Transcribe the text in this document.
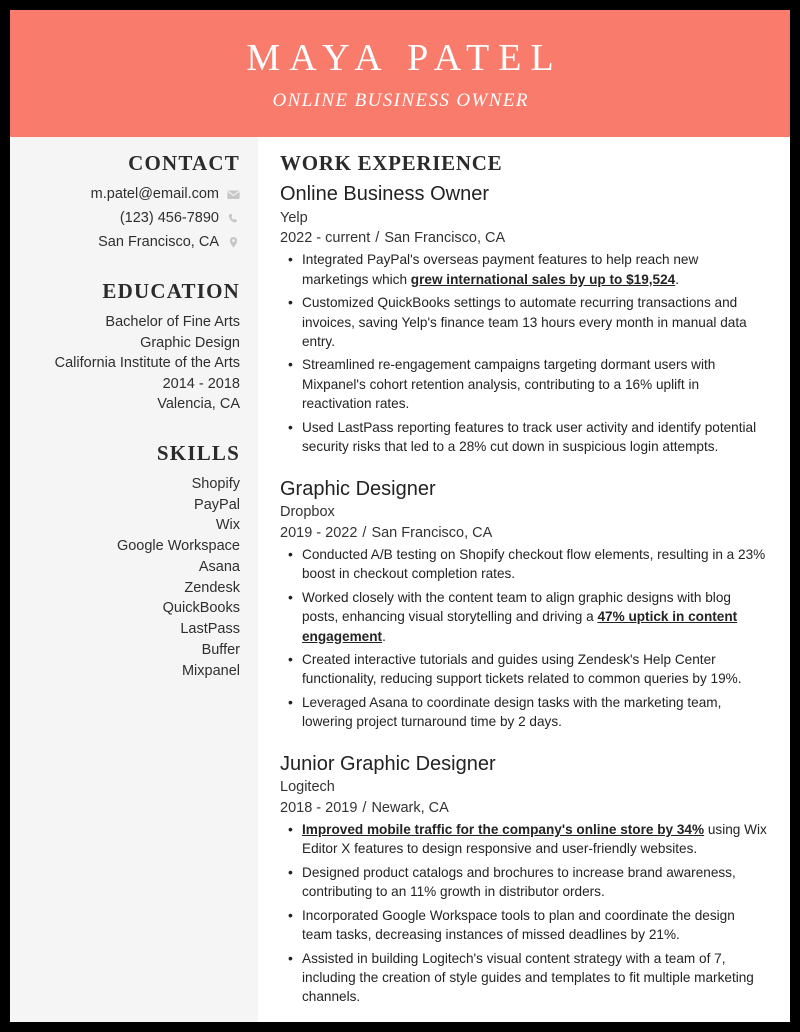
MAYA PATEL
ONLINE BUSINESS OWNER
CONTACT
m.patel@email.com
(123) 456-7890
San Francisco, CA
EDUCATION
Bachelor of Fine Arts
Graphic Design
California Institute of the Arts
2014 - 2018
Valencia, CA
SKILLS
Shopify
PayPal
Wix
Google Workspace
Asana
Zendesk
QuickBooks
LastPass
Buffer
Mixpanel
WORK EXPERIENCE
Online Business Owner
Yelp
2022 - current / San Francisco, CA
• Integrated PayPal's overseas payment features to help reach new marketings which grew international sales by up to $19,524.
• Customized QuickBooks settings to automate recurring transactions and invoices, saving Yelp's finance team 13 hours every month in manual data entry.
• Streamlined re-engagement campaigns targeting dormant users with Mixpanel's cohort retention analysis, contributing to a 16% uplift in reactivation rates.
• Used LastPass reporting features to track user activity and identify potential security risks that led to a 28% cut down in suspicious login attempts.
Graphic Designer
Dropbox
2019 - 2022 / San Francisco, CA
• Conducted A/B testing on Shopify checkout flow elements, resulting in a 23% boost in checkout completion rates.
• Worked closely with the content team to align graphic designs with blog posts, enhancing visual storytelling and driving a 47% uptick in content engagement.
• Created interactive tutorials and guides using Zendesk's Help Center functionality, reducing support tickets related to common queries by 19%.
• Leveraged Asana to coordinate design tasks with the marketing team, lowering project turnaround time by 2 days.
Junior Graphic Designer
Logitech
2018 - 2019 / Newark, CA
• Improved mobile traffic for the company's online store by 34% using Wix Editor X features to design responsive and user-friendly websites.
• Designed product catalogs and brochures to increase brand awareness, contributing to an 11% growth in distributor orders.
• Incorporated Google Workspace tools to plan and coordinate the design team tasks, decreasing instances of missed deadlines by 21%.
• Assisted in building Logitech's visual content strategy with a team of 7, including the creation of style guides and templates to fit multiple marketing channels.
